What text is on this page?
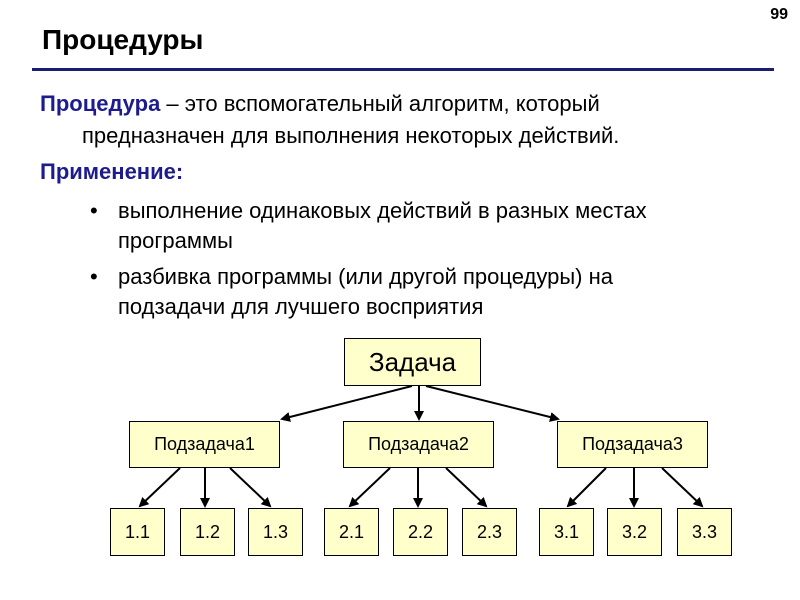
99
Процедуры
Процедура – это вспомогательный алгоритм, который
предназначен для выполнения некоторых действий.
Применение:
• выполнение одинаковых действий в разных местах
программы
• разбивка программы (или другой процедуры) на
подзадачи для лучшего восприятия
Задача
Подзадача1	Подзадача2	Подзадача3
1.1	1.2	1.3	2.1	2.2	2.3	3.1	3.2	3.3
